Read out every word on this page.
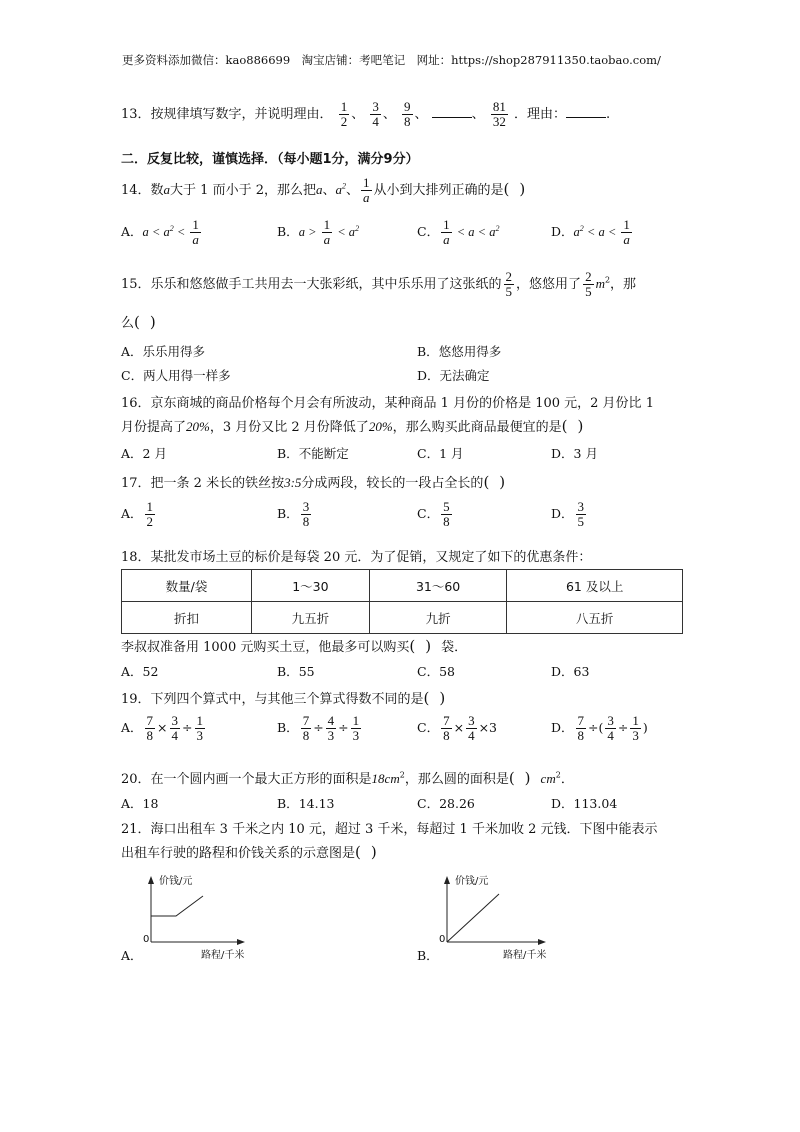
更多资料添加微信：kao886699　淘宝店铺：考吧笔记　网址：https://shop287911350.taobao.com/
13．按规律填写数字，并说明理由． $\frac{1}{2}$ 、 $\frac{3}{4}$ 、 $\frac{9}{8}$ 、	、 $\frac{81}{32}$ ．理由：	.
二．反复比较，谨慎选择．（每小题1分，满分9分）
14．数a大于 1 而小于 2，那么把a、$a^2$、 $\frac{1}{a}$ 从小到大排列正确的是()
A．$a < a^2 < \frac{1}{a}$	B．$a > \frac{1}{a} < a^2$	C． $\frac{1}{a} < a < a^2$	D．$a^2 < a < \frac{1}{a}$
15．乐乐和悠悠做手工共用去一大张彩纸，其中乐乐用了这张纸的 $\frac{2}{5}$ ，悠悠用了 $\frac{2}{5} m^2$，那
么()
A．乐乐用得多	B．悠悠用得多
C．两人用得一样多	D．无法确定
16．京东商城的商品价格每个月会有所波动，某种商品 1 月份的价格是 100 元，2 月份比 1
月份提高了20%，3 月份又比 2 月份降低了20%，那么购买此商品最便宜的是()
A．2 月	B．不能断定	C．1 月	D．3 月
17．把一条 2 米长的铁丝按3:5分成两段，较长的一段占全长的()
A． $\frac{1}{2}$	B． $\frac{3}{8}$	C． $\frac{5}{8}$	D． $\frac{3}{5}$
18．某批发市场土豆的标价是每袋 20 元．为了促销，又规定了如下的优惠条件：
数量/袋	1～30	31～60	61 及以上
折扣	九五折	九折	八五折
李叔叔准备用 1000 元购买土豆，他最多可以购买()袋．
A．52	B．55	C．58	D．63
19．下列四个算式中，与其他三个算式得数不同的是()
A． $\frac{7}{8} \times \frac{3}{4} \div \frac{1}{3}$	B． $\frac{7}{8} \div \frac{4}{3} \div \frac{1}{3}$	C． $\frac{7}{8} \times \frac{3}{4} \times 3$	D． $\frac{7}{8}$ ÷( $\frac{3}{4} \div \frac{1}{3}$ )
20．在一个圆内画一个最大正方形的面积是$18cm^2$，那么圆的面积是$()cm^2$．
A．18	B．14.13	C．28.26	D．113.04
21．海口出租车 3 千米之内 10 元，超过 3 千米，每超过 1 千米加收 2 元钱．下图中能表示
出租车行驶的路程和价钱关系的示意图是()
价钱/元
路程/千米
0
A．
价钱/元
路程/千米
0
B．
